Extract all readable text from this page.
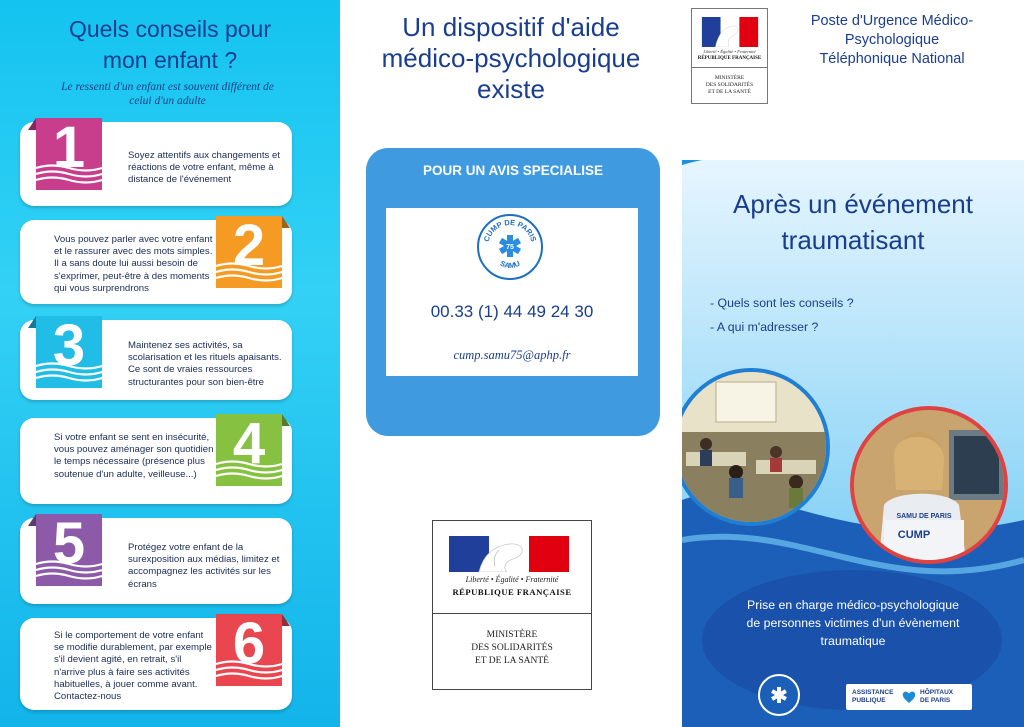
Quels conseils pour
mon enfant ?
Le ressenti d'un enfant est souvent différent de
celui d'un adulte
1	Soyez attentifs aux changements et
réactions de votre enfant, même à
distance de l'événement

2

Vous pouvez parler avec votre enfant
et le rassurer avec des mots simples.
Il a sans doute lui aussi besoin de
s'exprimer, peut-être à des moments
qui vous surprendrons

3	Maintenez ses activités, sa
scolarisation et les rituels apaisants.
Ce sont de vraies ressources
structurantes pour son bien-être

4

Si votre enfant se sent en insécurité,
vous pouvez aménager son quotidien
le temps nécessaire (présence plus
soutenue d'un adulte, veilleuse...)

5	Protégez votre enfant de la
surexposition aux médias, limitez et
accompagnez les activités sur les
écrans

6

Si le comportement de votre enfant
se modifie durablement, par exemple
s'il devient agité, en retrait, s'il
n'arrive plus à faire ses activités
habituelles, à jouer comme avant.
Contactez-nous

Un dispositif d'aide
médico-psychologique
existe
POUR UN AVIS SPECIALISE
CUMP DE PARIS
SAMU
75
00.33 (1) 44 49 24 30
cump.samu75@aphp.fr
Liberté • Égalité • Fraternité
RÉPUBLIQUE FRANÇAISE
MINISTÈRE
DES SOLIDARITÉS
ET DE LA SANTÉ
Liberté • Égalité • Fraternité
RÉPUBLIQUE FRANÇAISE
MINISTÈRE
DES SOLIDARITÉS
ET DE LA SANTÉ
Poste d'Urgence Médico-
Psychologique
Téléphonique National
Après un événement
traumatisant
- Quels sont les conseils ?
- A qui m'adresser ?
SAMU DE PARIS
CUMP
Prise en charge médico-psychologique
de personnes victimes d'un évènement
traumatique
ASSISTANCE
PUBLIQUE
HÔPITAUX
DE PARIS
